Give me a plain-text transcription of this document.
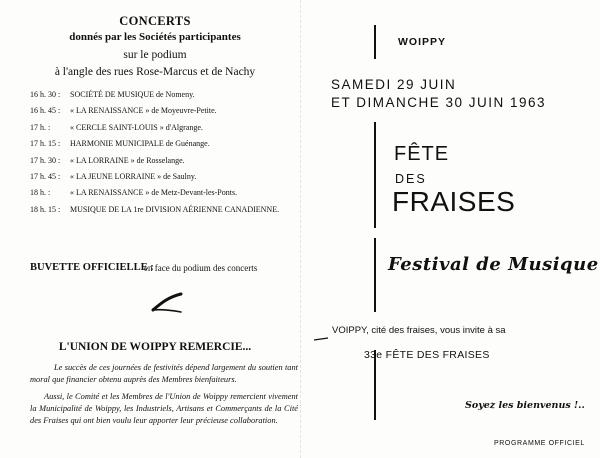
CONCERTS
donnés par les Sociétés participantes
sur le podium
à l'angle des rues Rose-Marcus et de Nachy
16 h. 30 : SOCIÉTÉ DE MUSIQUE de Nomeny.
16 h. 45 : « LA RENAISSANCE » de Moyeuvre-Petite.
17 h. : « CERCLE SAINT-LOUIS » d'Algrange.
17 h. 15 : HARMONIE MUNICIPALE de Guénange.
17 h. 30 : « LA LORRAINE » de Rosselange.
17 h. 45 : « LA JEUNE LORRAINE » de Saulny.
18 h. : « LA RENAISSANCE » de Metz-Devant-les-Ponts.
18 h. 15 : MUSIQUE DE LA 1re DIVISION AÉRIENNE CANADIENNE.
BUVETTE OFFICIELLE :
en face du podium des concerts
L'UNION DE WOIPPY REMERCIE...

Le succès de ces journées de festivités dépend largement du soutien tant moral que financier obtenu auprès des Membres bienfaiteurs.

Aussi, le Comité et les Membres de l'Union de Woippy remercient vivement la Municipalité de Woippy, les Industriels, Artisans et Commerçants de la Cité des Fraises qui ont bien voulu leur apporter leur précieuse collaboration.

WOIPPY
SAMEDI 29 JUIN
ET DIMANCHE 30 JUIN 1963
FÊTE
DES
FRAISES
Festival de Musique
VOIPPY, cité des fraises, vous invite à sa
33e FÊTE DES FRAISES
Soyez les bienvenus !..
PROGRAMME OFFICIEL
